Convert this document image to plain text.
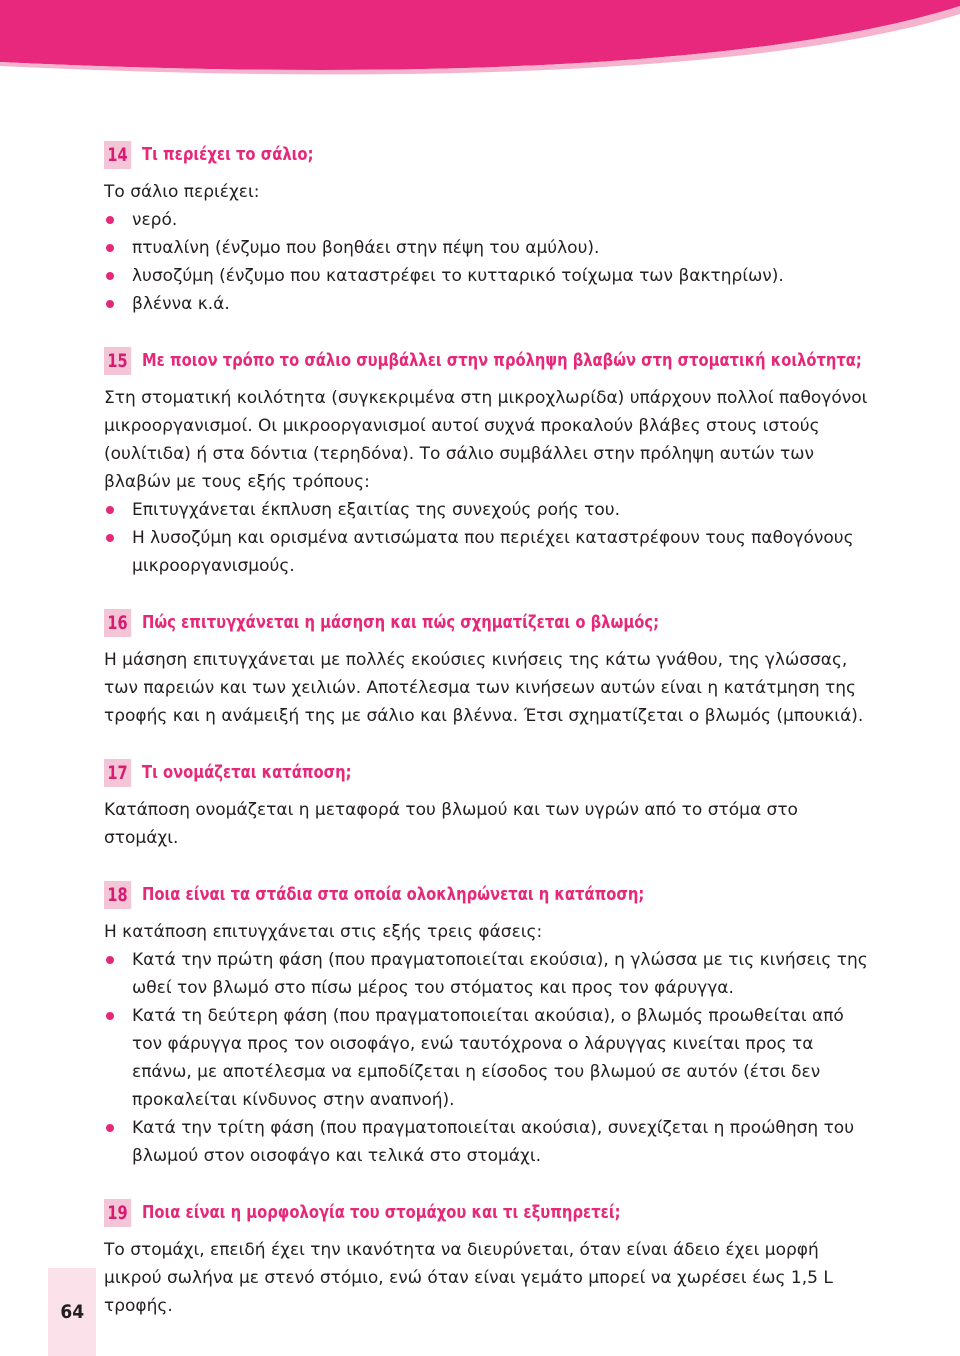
14 Τι περιέχει το σάλιο;

Το σάλιο περιέχει:

νερό.
πτυαλίνη (ένζυμο που βοηθάει στην πέψη του αμύλου).
λυσοζύμη (ένζυμο που καταστρέφει το κυτταρικό τοίχωμα των βακτηρίων).
βλέννα κ.ά.
15 Με ποιον τρόπο το σάλιο συμβάλλει στην πρόληψη βλαβών στη στοματική κοιλότητα;

Στη στοματική κοιλότητα (συγκεκριμένα στη μικροχλωρίδα) υπάρχουν πολλοί παθογόνοι μικροοργανισμοί. Οι μικροοργανισμοί αυτοί συχνά προκαλούν βλάβες στους ιστούς (ουλίτιδα) ή στα δόντια (τερηδόνα). Το σάλιο συμβάλλει στην πρόληψη αυτών των βλαβών με τους εξής τρόπους:

Επιτυγχάνεται έκπλυση εξαιτίας της συνεχούς ροής του.
Η λυσοζύμη και ορισμένα αντισώματα που περιέχει καταστρέφουν τους παθογόνους μικροοργανισμούς.
16 Πώς επιτυγχάνεται η μάσηση και πώς σχηματίζεται ο βλωμός;

Η μάσηση επιτυγχάνεται με πολλές εκούσιες κινήσεις της κάτω γνάθου, της γλώσσας, των παρειών και των χειλιών. Αποτέλεσμα των κινήσεων αυτών είναι η κατάτμηση της τροφής και η ανάμειξή της με σάλιο και βλέννα. Έτσι σχηματίζεται ο βλωμός (μπουκιά).

17 Τι ονομάζεται κατάποση;

Κατάποση ονομάζεται η μεταφορά του βλωμού και των υγρών από το στόμα στο στομάχι.

18 Ποια είναι τα στάδια στα οποία ολοκληρώνεται η κατάποση;

Η κατάποση επιτυγχάνεται στις εξής τρεις φάσεις:

Κατά την πρώτη φάση (που πραγματοποιείται εκούσια), η γλώσσα με τις κινήσεις της ωθεί τον βλωμό στο πίσω μέρος του στόματος και προς τον φάρυγγα.
Κατά τη δεύτερη φάση (που πραγματοποιείται ακούσια), ο βλωμός προωθείται από τον φάρυγγα προς τον οισοφάγο, ενώ ταυτόχρονα ο λάρυγγας κινείται προς τα επάνω, με αποτέλεσμα να εμποδίζεται η είσοδος του βλωμού σε αυτόν (έτσι δεν προκαλείται κίνδυνος στην αναπνοή).
Κατά την τρίτη φάση (που πραγματοποιείται ακούσια), συνεχίζεται η προώθηση του βλωμού στον οισοφάγο και τελικά στο στομάχι.
19 Ποια είναι η μορφολογία του στομάχου και τι εξυπηρετεί;

Το στομάχι, επειδή έχει την ικανότητα να διευρύνεται, όταν είναι άδειο έχει μορφή μικρού σωλήνα με στενό στόμιο, ενώ όταν είναι γεμάτο μπορεί να χωρέσει έως 1,5 L τροφής.

64
